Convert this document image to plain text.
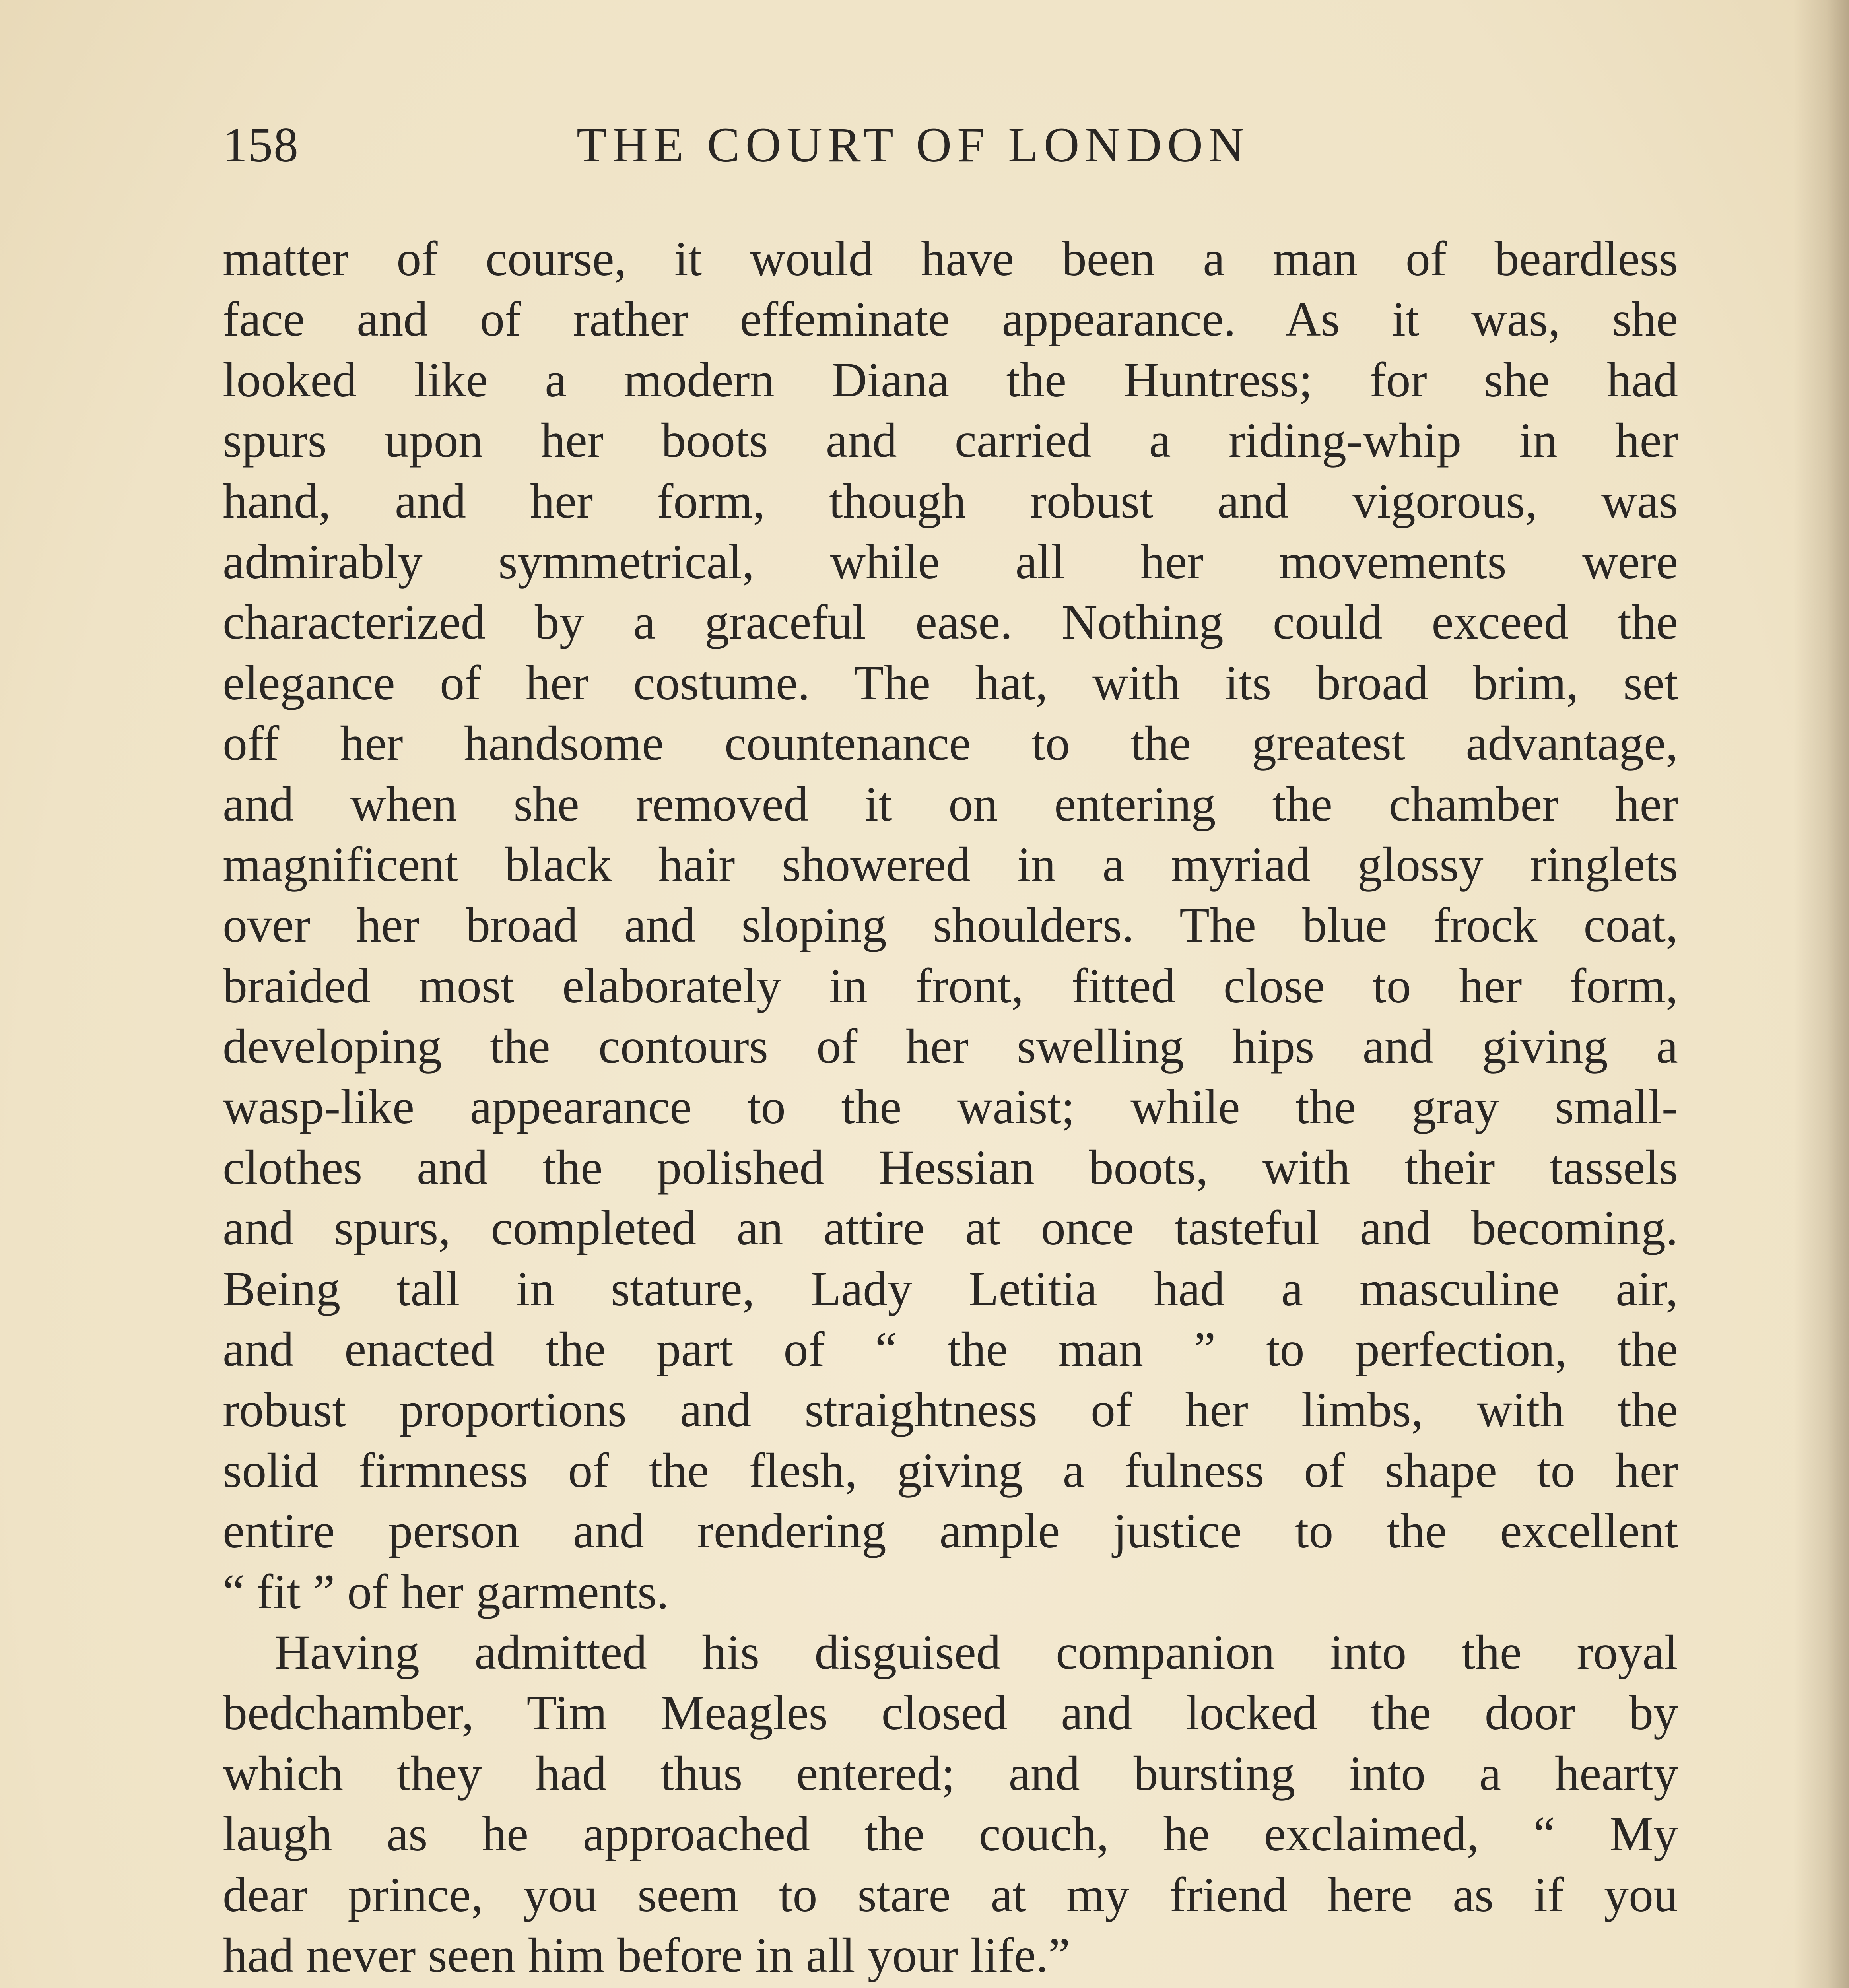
158	THE COURT OF LONDON
matter of course, it would have been a man of beardless
face and of rather effeminate appearance. As it was, she
looked like a modern Diana the Huntress; for she had
spurs upon her boots and carried a riding-whip in her
hand, and her form, though robust and vigorous, was
admirably symmetrical, while all her movements were
characterized by a graceful ease. Nothing could exceed the
elegance of her costume. The hat, with its broad brim, set
off her handsome countenance to the greatest advantage,
and when she removed it on entering the chamber her
magnificent black hair showered in a myriad glossy ringlets
over her broad and sloping shoulders. The blue frock coat,
braided most elaborately in front, fitted close to her form,
developing the contours of her swelling hips and giving a
wasp-like appearance to the waist; while the gray small-
clothes and the polished Hessian boots, with their tassels
and spurs, completed an attire at once tasteful and becoming.
Being tall in stature, Lady Letitia had a masculine air,
and enacted the part of “ the man ” to perfection, the
robust proportions and straightness of her limbs, with the
solid firmness of the flesh, giving a fulness of shape to her
entire person and rendering ample justice to the excellent
“ fit ” of her garments.
Having admitted his disguised companion into the royal
bedchamber, Tim Meagles closed and locked the door by
which they had thus entered; and bursting into a hearty
laugh as he approached the couch, he exclaimed, “ My
dear prince, you seem to stare at my friend here as if you
had never seen him before in all your life.”
